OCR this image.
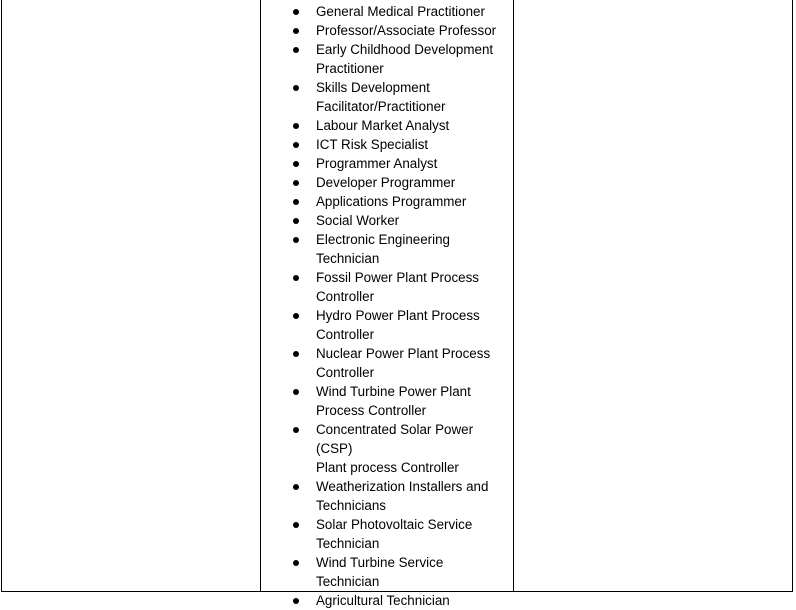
General Medical Practitioner
Professor/Associate Professor
Early Childhood Development
Practitioner
Skills Development
Facilitator/Practitioner
Labour Market Analyst
ICT Risk Specialist
Programmer Analyst
Developer Programmer
Applications Programmer
Social Worker
Electronic Engineering
Technician
Fossil Power Plant Process
Controller
Hydro Power Plant Process
Controller
Nuclear Power Plant Process
Controller
Wind Turbine Power Plant
Process Controller
Concentrated Solar Power (CSP)
Plant process Controller
Weatherization Installers and
Technicians
Solar Photovoltaic Service
Technician
Wind Turbine Service
Technician
Agricultural Technician
